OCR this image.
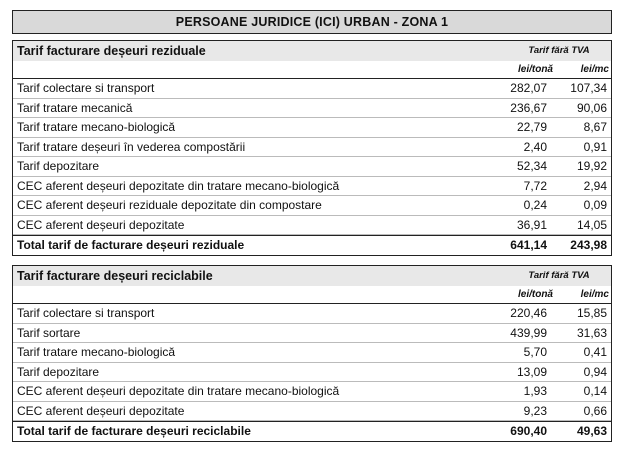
PERSOANE JURIDICE (ICI) URBAN - ZONA 1
Tarif facturare deșeuri reziduale	Tarif fără TVA
lei/tonă	lei/mc
Tarif colectare si transport	282,07	107,34
Tarif tratare mecanică	236,67	90,06
Tarif tratare mecano-biologică	22,79	8,67
Tarif tratare deșeuri în vederea compostării	2,40	0,91
Tarif depozitare	52,34	19,92
CEC aferent deșeuri depozitate din tratare mecano-biologică	7,72	2,94
CEC aferent deșeuri reziduale depozitate din compostare	0,24	0,09
CEC aferent deșeuri depozitate	36,91	14,05
Total tarif de facturare deșeuri reziduale	641,14	243,98
Tarif facturare deșeuri reciclabile	Tarif fără TVA
lei/tonă	lei/mc
Tarif colectare si transport	220,46	15,85
Tarif sortare	439,99	31,63
Tarif tratare mecano-biologică	5,70	0,41
Tarif depozitare	13,09	0,94
CEC aferent deșeuri depozitate din tratare mecano-biologică	1,93	0,14
CEC aferent deșeuri depozitate	9,23	0,66
Total tarif de facturare deșeuri reciclabile	690,40	49,63
